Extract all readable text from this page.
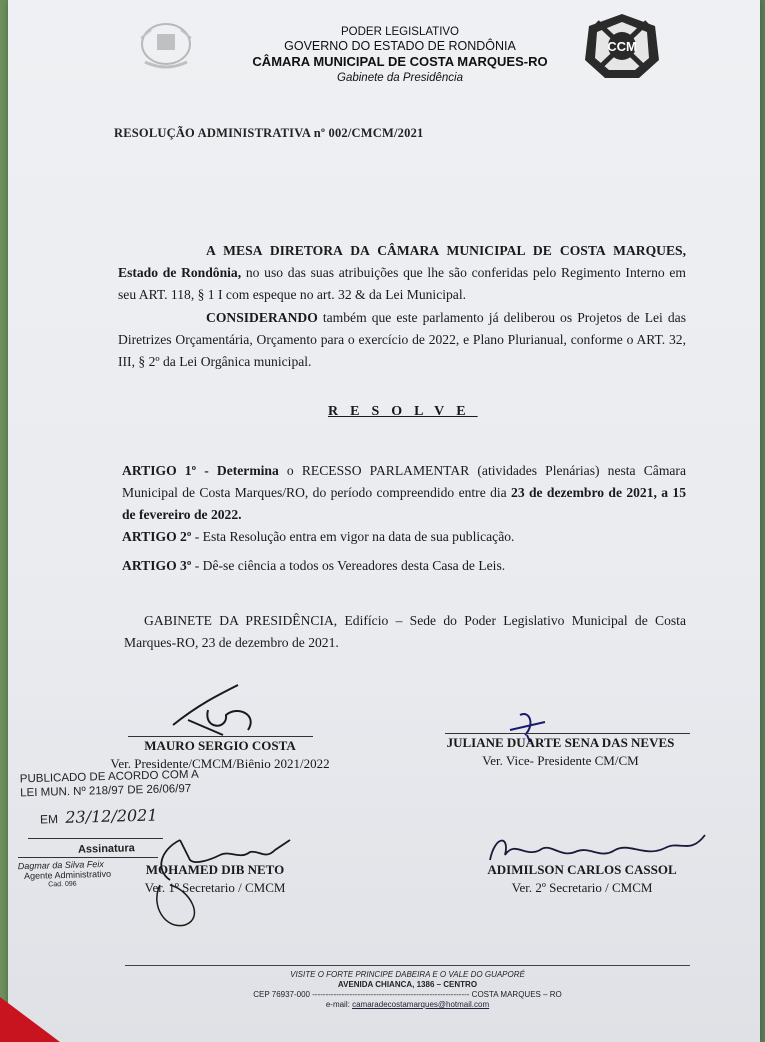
CCM
PODER LEGISLATIVO
GOVERNO DO ESTADO DE RONDÔNIA
CÂMARA MUNICIPAL DE COSTA MARQUES-RO
Gabinete da Presidência
RESOLUÇÃO ADMINISTRATIVA nº 002/CMCM/2021
A MESA DIRETORA DA CÂMARA MUNICIPAL DE COSTA MARQUES, Estado de Rondônia, no uso das suas atribuições que lhe são conferidas pelo Regimento Interno em seu ART. 118, § 1 I com espeque no art. 32 & da Lei Municipal.
CONSIDERANDO também que este parlamento já deliberou os Projetos de Lei das Diretrizes Orçamentária, Orçamento para o exercício de 2022, e Plano Plurianual, conforme o ART. 32, III, § 2º da Lei Orgânica municipal.
RESOLVE
ARTIGO 1º - Determina o RECESSO PARLAMENTAR (atividades Plenárias) nesta Câmara Municipal de Costa Marques/RO, do período compreendido entre dia 23 de dezembro de 2021, a 15 de fevereiro de 2022.
ARTIGO 2º - Esta Resolução entra em vigor na data de sua publicação.
ARTIGO 3º - Dê-se ciência a todos os Vereadores desta Casa de Leis.
GABINETE DA PRESIDÊNCIA, Edifício – Sede do Poder Legislativo Municipal de Costa Marques-RO, 23 de dezembro de 2021.
MAURO SERGIO COSTA
Ver. Presidente/CMCM/Biênio 2021/2022
JULIANE DUARTE SENA DAS NEVES
Ver. Vice- Presidente CM/CM
MOHAMED DIB NETO
Ver. 1º Secretario / CMCM
ADIMILSON CARLOS CASSOL
Ver. 2º Secretario / CMCM
PUBLICADO DE ACORDO COM A
LEI MUN. Nº 218/97 DE 26/06/97
EM 23/12/2021
Assinatura
Dagmar da Silva Feix
Agente Administrativo
Cad. 096
VISITE O FORTE PRINCIPE DABEIRA E O VALE DO GUAPORÉ
AVENIDA CHIANCA, 1386 – CENTRO
CEP 76937-000 ----------------------------------------------------------- COSTA MARQUES – RO
e-mail: camaradecostamarques@hotmail.com
